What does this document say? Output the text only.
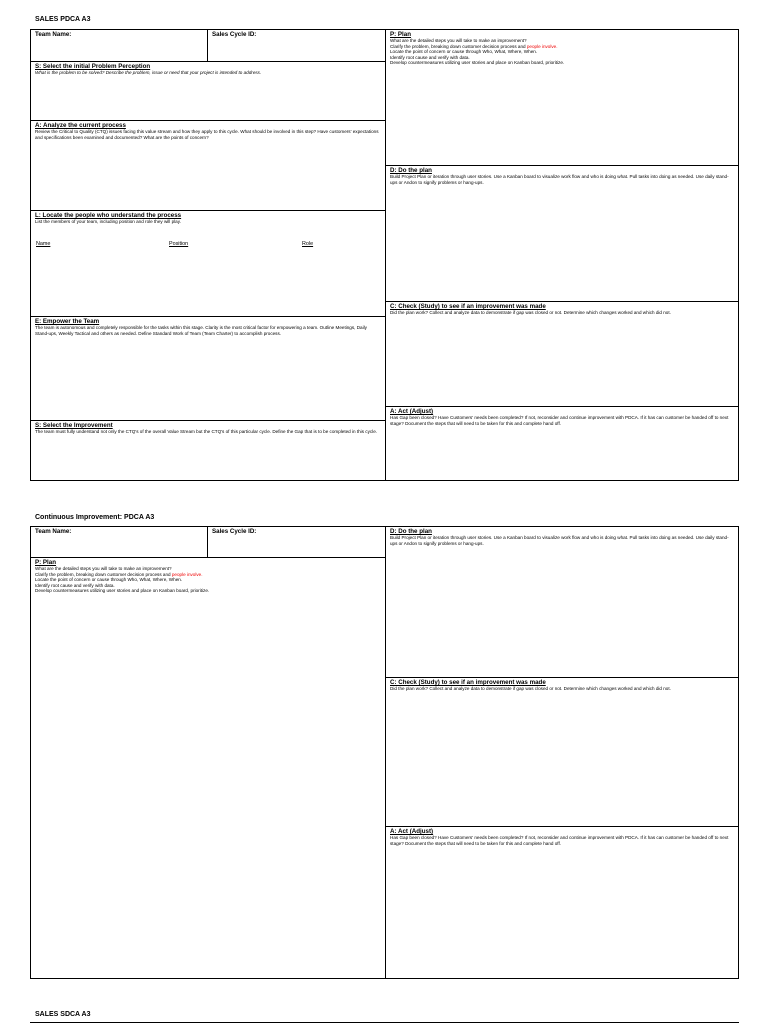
SALES PDCA A3
Team Name:	Sales Cycle ID:
S: Select the initial Problem Perception
What is the problem to be solved? Describe the problem, issue or need that your project is intended to address.
A: Analyze the current process
Review the Critical to Quality (CTQ) issues facing this value stream and how they apply to this cycle. What should be involved in this step? Have customers' expectations and specifications been examined and documented? What are the points of concern?
L: Locate the people who understand the process
List the members of your team, including position and role they will play.
Name	Position	Role
E: Empower the Team
The team is autonomous and completely responsible for the tasks within this stage. Clarity is the most critical factor for empowering a team. Outline Meetings, Daily Stand-ups, Weekly Tactical and others as needed. Define Standard Work of Team (Team Charter) to accomplish process.
S: Select the Improvement
The team must fully understand not only the CTQ's of the overall Value Stream but the CTQ's of this particular cycle. Define the Gap that is to be completed in this cycle.
P: Plan
What are the detailed steps you will take to make an improvement?
Clarify the problem, breaking down customer decision process and people involve.
Locate the point of concern or cause through Who, What, Where, When.
Identify root cause and verify with data.
Develop countermeasures utilizing user stories and place on Kanban board, prioritize.
D: Do the plan
Build Project Plan or iteration through user stories. Use a Kanban board to visualize work flow and who is doing what. Pull tasks into doing as needed. Use daily stand-ups or Andon to signify problems or hang-ups.
C: Check (Study) to see if an improvement was made
Did the plan work? Collect and analyze data to demonstrate if gap was closed or not. Determine which changes worked and which did not.
A: Act (Adjust)
Has Gap been closed? Have Customers' needs been completed? If not, reconsider and continue improvement with PDCA. If it has can customer be handed off to next stage? Document the steps that will need to be taken for this and complete hand off.
Continuous Improvement: PDCA A3
Team Name:	Sales Cycle ID:
P: Plan
What are the detailed steps you will take to make an improvement?
Clarify the problem, breaking down customer decision process and people involve.
Locate the point of concern or cause through Who, What, Where, When.
Identify root cause and verify with data.
Develop countermeasures utilizing user stories and place on Kanban board, prioritize.
D: Do the plan
Build Project Plan or iteration through user stories. Use a Kanban board to visualize work flow and who is doing what. Pull tasks into doing as needed. Use daily stand-ups or Andon to signify problems or hang-ups.
C: Check (Study) to see if an improvement was made
Did the plan work? Collect and analyze data to demonstrate if gap was closed or not. Determine which changes worked and which did not.
A: Act (Adjust)
Has Gap been closed? Have Customers' needs been completed? If not, reconsider and continue improvement with PDCA. If it has can customer be handed off to next stage? Document the steps that will need to be taken for this and complete hand off.
SALES SDCA A3
